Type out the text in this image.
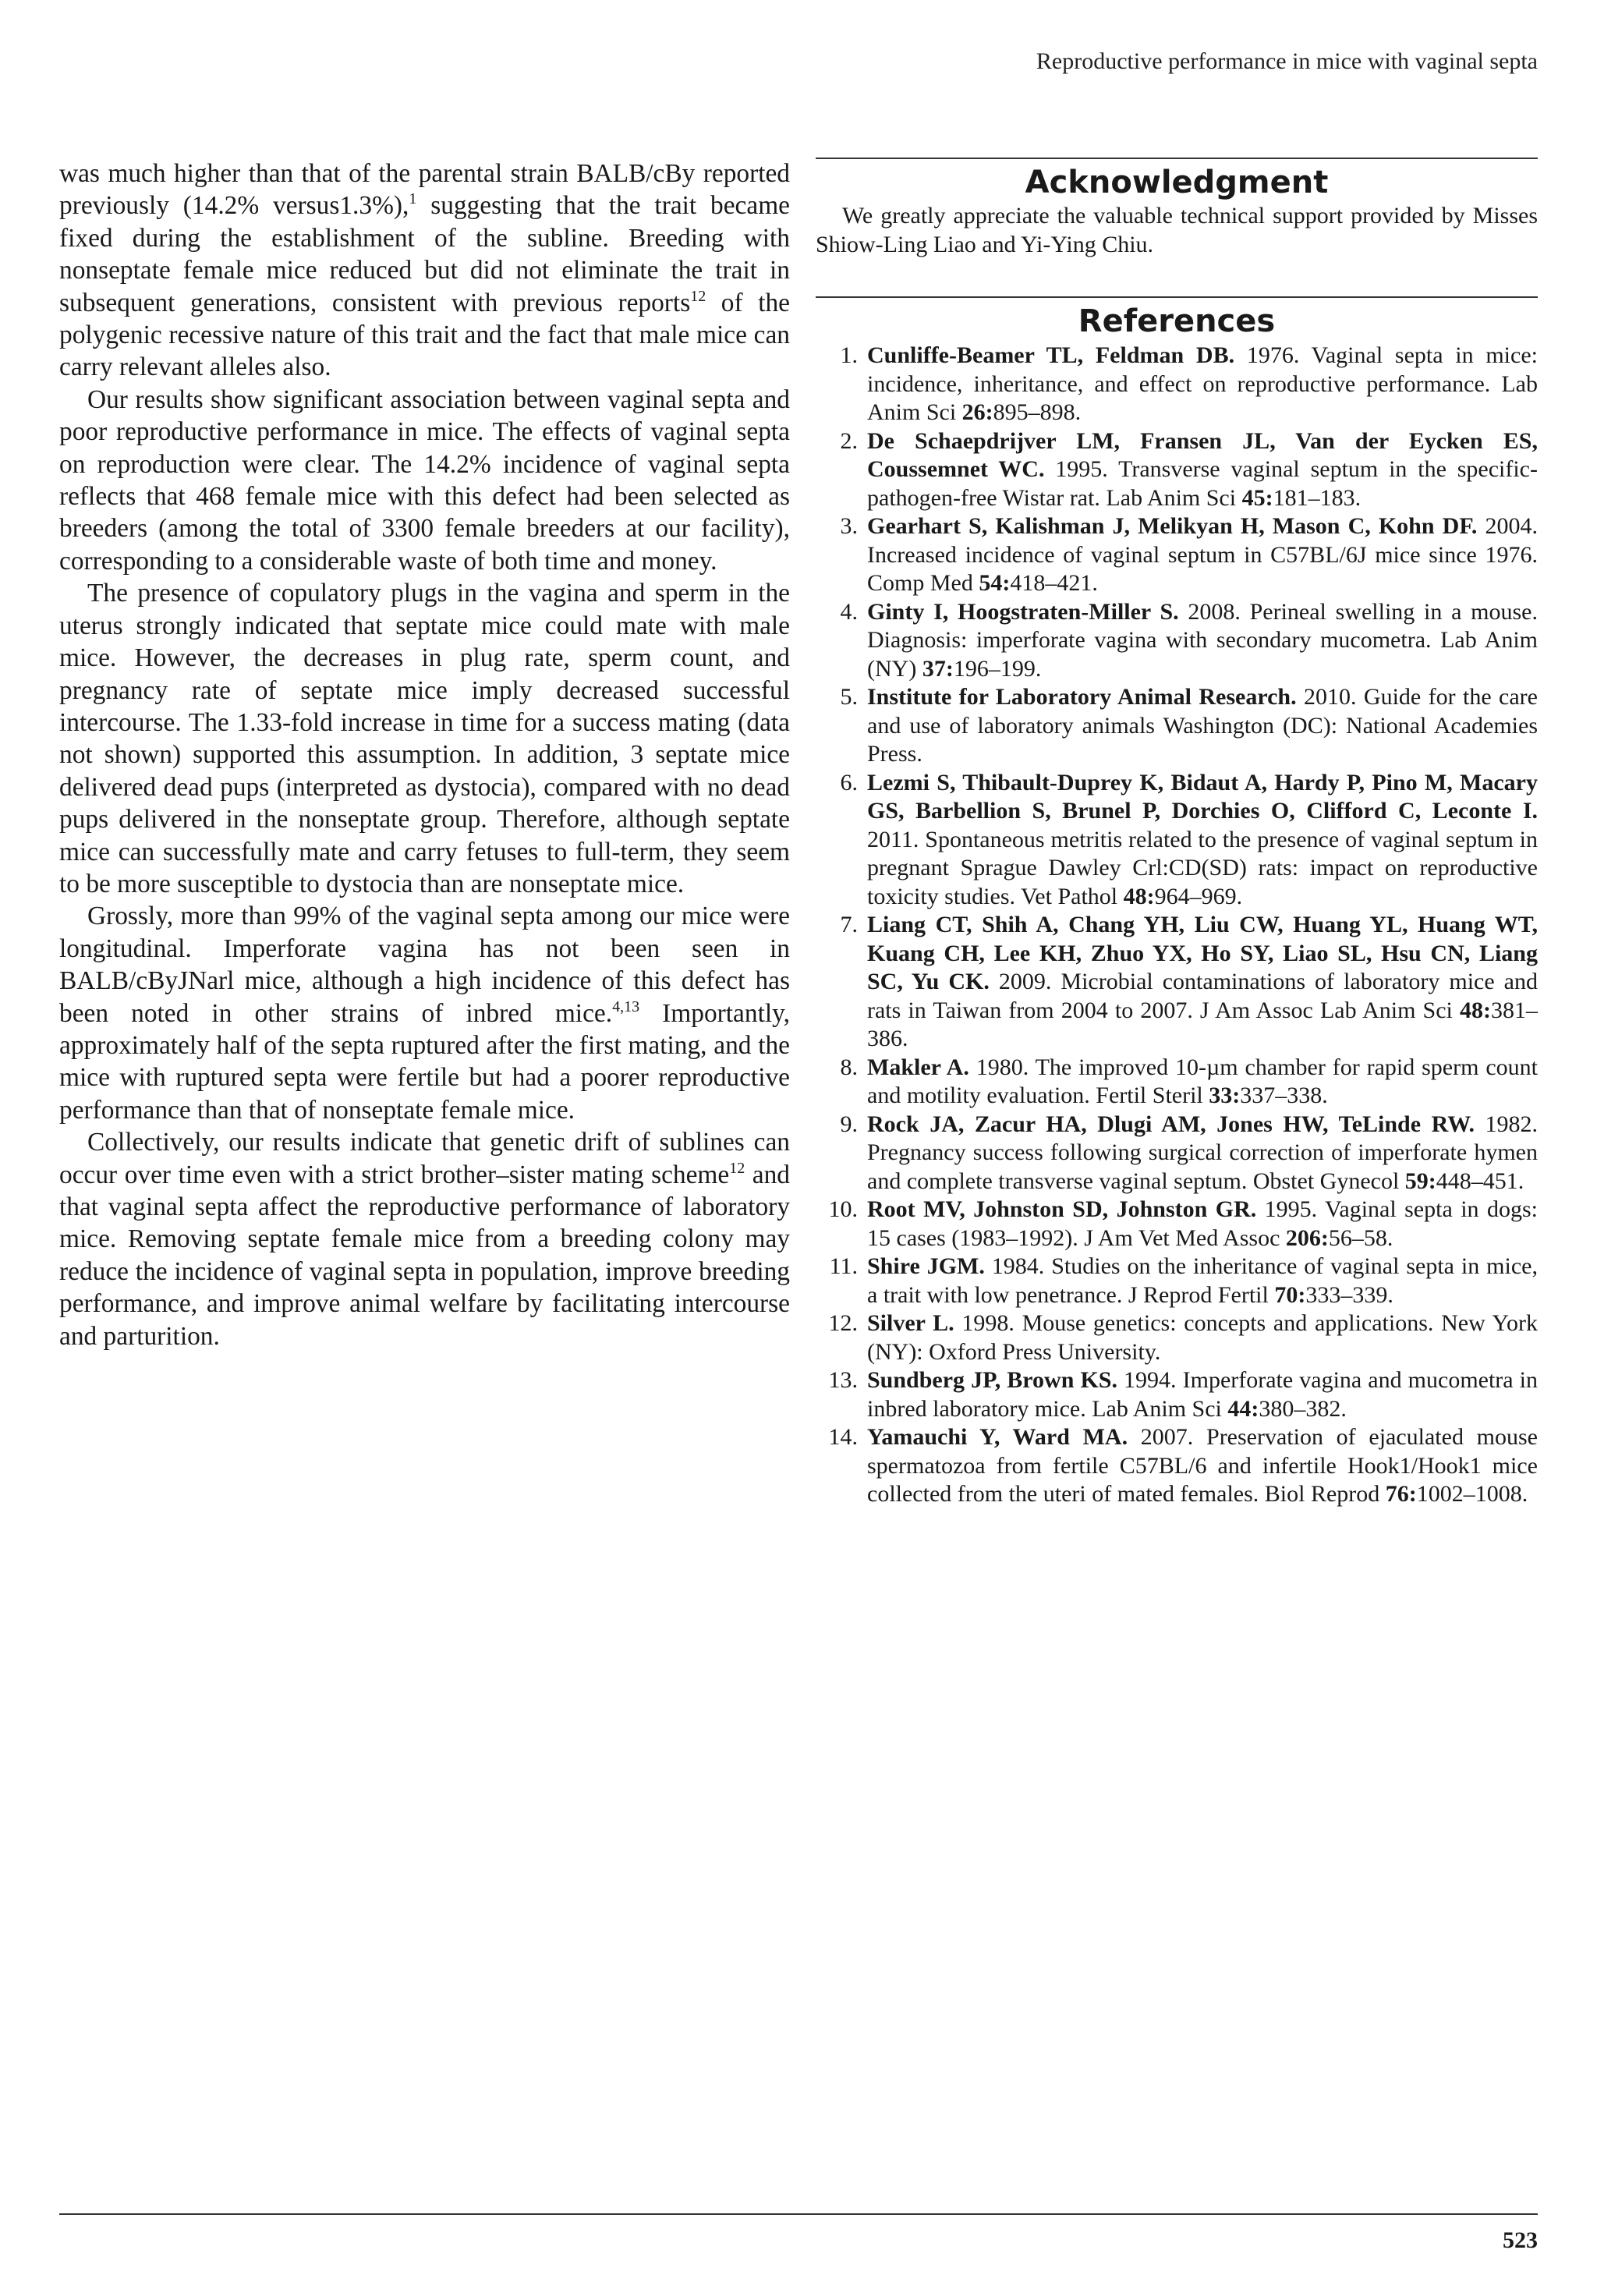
Reproductive performance in mice with vaginal septa

was much higher than that of the parental strain BALB/cBy reported previously (14.2% versus1.3%),$^1$ suggesting that the trait became fixed during the establishment of the subline. Breeding with nonseptate female mice reduced but did not eliminate the trait in subsequent generations, consistent with previous reports$^{12}$ of the polygenic recessive nature of this trait and the fact that male mice can carry relevant alleles also.

Our results show significant association between vaginal septa and poor reproductive performance in mice. The effects of vaginal septa on reproduction were clear. The 14.2% incidence of vaginal septa reflects that 468 female mice with this defect had been selected as breeders (among the total of 3300 female breeders at our facility), corresponding to a considerable waste of both time and money.

The presence of copulatory plugs in the vagina and sperm in the uterus strongly indicated that septate mice could mate with male mice. However, the decreases in plug rate, sperm count, and pregnancy rate of septate mice imply decreased successful intercourse. The 1.33-fold increase in time for a success mating (data not shown) supported this assumption. In addition, 3 septate mice delivered dead pups (interpreted as dystocia), compared with no dead pups delivered in the nonseptate group. Therefore, although septate mice can successfully mate and carry fetuses to full-term, they seem to be more susceptible to dystocia than are nonseptate mice.

Grossly, more than 99% of the vaginal septa among our mice were longitudinal. Imperforate vagina has not been seen in BALB/cByJNarl mice, although a high incidence of this defect has been noted in other strains of inbred mice.$^{4,13}$ Importantly, approximately half of the septa ruptured after the first mating, and the mice with ruptured septa were fertile but had a poorer reproductive performance than that of nonseptate female mice.

Collectively, our results indicate that genetic drift of sublines can occur over time even with a strict brother–sister mating scheme$^{12}$ and that vaginal septa affect the reproductive performance of laboratory mice. Removing septate female mice from a breeding colony may reduce the incidence of vaginal septa in population, improve breeding performance, and improve animal welfare by facilitating intercourse and parturition.

Acknowledgment

We greatly appreciate the valuable technical support provided by Misses Shiow-Ling Liao and Yi-Ying Chiu.

References
1. Cunliffe-Beamer TL, Feldman DB. 1976. Vaginal septa in mice: incidence, inheritance, and effect on reproductive performance. Lab Anim Sci 26:895–898.
2. De Schaepdrijver LM, Fransen JL, Van der Eycken ES, Coussemnet WC. 1995. Transverse vaginal septum in the specific-pathogen-free Wistar rat. Lab Anim Sci 45:181–183.
3. Gearhart S, Kalishman J, Melikyan H, Mason C, Kohn DF. 2004. Increased incidence of vaginal septum in C57BL/6J mice since 1976. Comp Med 54:418–421.
4. Ginty I, Hoogstraten-Miller S. 2008. Perineal swelling in a mouse. Diagnosis: imperforate vagina with secondary mucometra. Lab Anim (NY) 37:196–199.
5. Institute for Laboratory Animal Research. 2010. Guide for the care and use of laboratory animals Washington (DC): National Academies Press.
6. Lezmi S, Thibault-Duprey K, Bidaut A, Hardy P, Pino M, Macary GS, Barbellion S, Brunel P, Dorchies O, Clifford C, Leconte I. 2011. Spontaneous metritis related to the presence of vaginal septum in pregnant Sprague Dawley Crl:CD(SD) rats: impact on reproductive toxicity studies. Vet Pathol 48:964–969.
7. Liang CT, Shih A, Chang YH, Liu CW, Huang YL, Huang WT, Kuang CH, Lee KH, Zhuo YX, Ho SY, Liao SL, Hsu CN, Liang SC, Yu CK. 2009. Microbial contaminations of laboratory mice and rats in Taiwan from 2004 to 2007. J Am Assoc Lab Anim Sci 48:381–386.
8. Makler A. 1980. The improved 10-µm chamber for rapid sperm count and motility evaluation. Fertil Steril 33:337–338.
9. Rock JA, Zacur HA, Dlugi AM, Jones HW, TeLinde RW. 1982. Pregnancy success following surgical correction of imperforate hymen and complete transverse vaginal septum. Obstet Gynecol 59:448–451.
10. Root MV, Johnston SD, Johnston GR. 1995. Vaginal septa in dogs: 15 cases (1983–1992). J Am Vet Med Assoc 206:56–58.
11. Shire JGM. 1984. Studies on the inheritance of vaginal septa in mice, a trait with low penetrance. J Reprod Fertil 70:333–339.
12. Silver L. 1998. Mouse genetics: concepts and applications. New York (NY): Oxford Press University.
13. Sundberg JP, Brown KS. 1994. Imperforate vagina and mucometra in inbred laboratory mice. Lab Anim Sci 44:380–382.
14. Yamauchi Y, Ward MA. 2007. Preservation of ejaculated mouse spermatozoa from fertile C57BL/6 and infertile Hook1/Hook1 mice collected from the uteri of mated females. Biol Reprod 76:1002–1008.
523
